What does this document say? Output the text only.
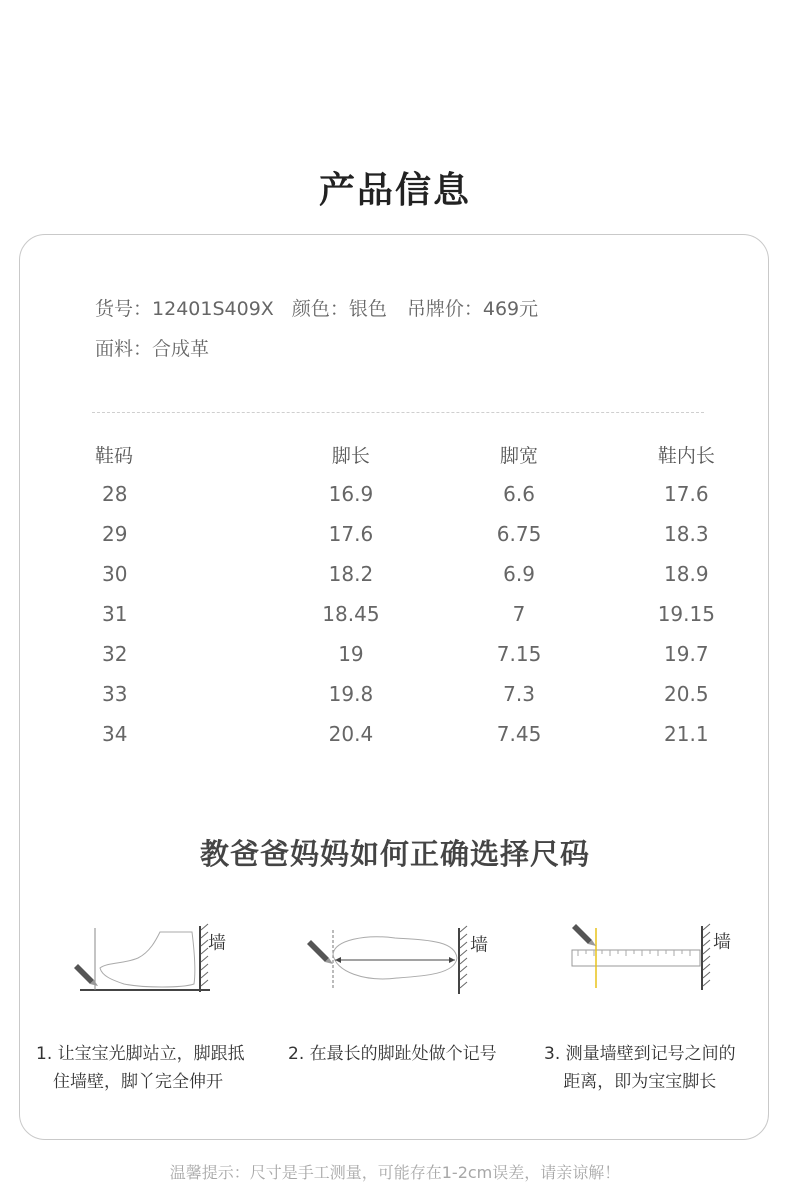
产品信息
货号：12401S409X 颜色：银色 吊牌价：469元
面料：合成革
鞋码	脚长	脚宽	鞋内长
28	16.9	6.6	17.6
29	17.6	6.75	18.3
30	18.2	6.9	18.9
31	18.45	7	19.15
32	19	7.15	19.7
33	19.8	7.3	20.5
34	20.4	7.45	21.1
教爸爸妈妈如何正确选择尺码
墙	墙	墙
1. 让宝宝光脚站立，脚跟抵
住墙壁，脚丫完全伸开
2. 在最长的脚趾处做个记号	3. 测量墙壁到记号之间的
距离，即为宝宝脚长
温馨提示：尺寸是手工测量，可能存在1-2cm误差，请亲谅解！
